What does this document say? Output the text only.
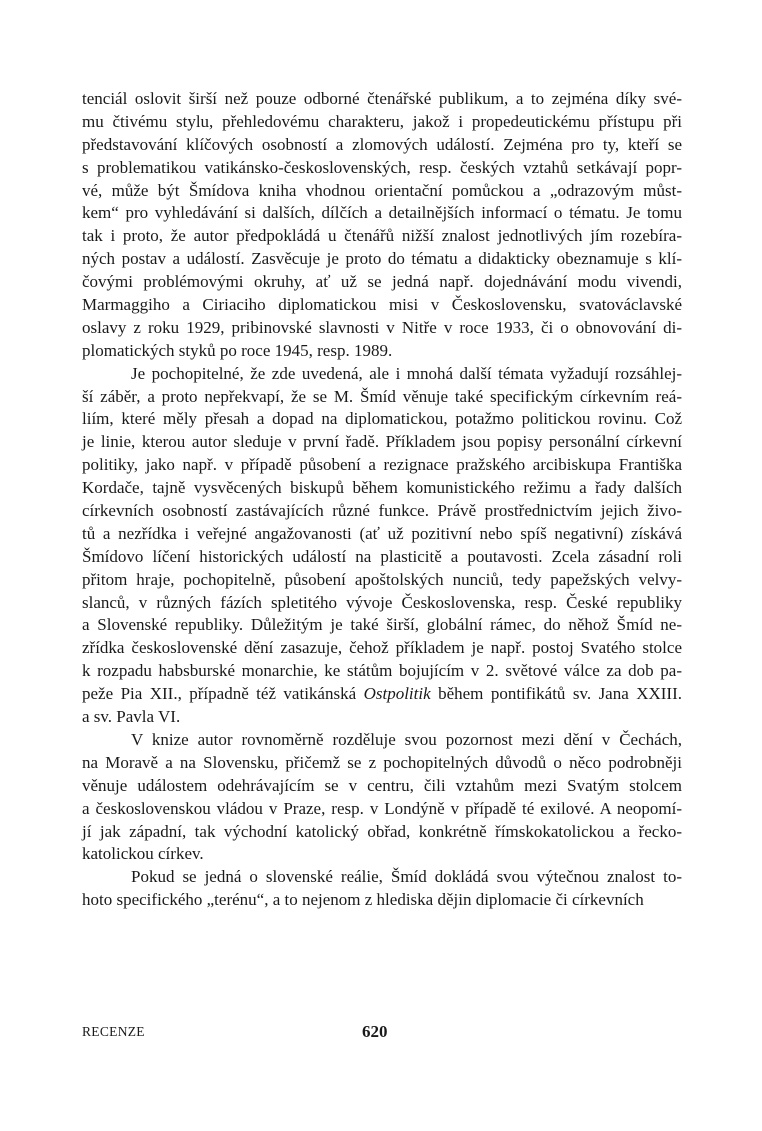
tenciál oslovit širší než pouze odborné čtenářské publikum, a to zejména díky své-
mu čtivému stylu, přehledovému charakteru, jakož i propedeutickému přístupu při
představování klíčových osobností a zlomových událostí. Zejména pro ty, kteří se
s problematikou vatikánsko-československých, resp. českých vztahů setkávají popr-
vé, může být Šmídova kniha vhodnou orientační pomůckou a „odrazovým můst-
kem“ pro vyhledávání si dalších, dílčích a detailnějších informací o tématu. Je tomu
tak i proto, že autor předpokládá u čtenářů nižší znalost jednotlivých jím rozebíra-
ných postav a událostí. Zasvěcuje je proto do tématu a didakticky obeznamuje s klí-
čovými problémovými okruhy, ať už se jedná např. dojednávání modu vivendi,
Marmaggiho a Ciriaciho diplomatickou misi v Československu, svatováclavské
oslavy z roku 1929, pribinovské slavnosti v Nitře v roce 1933, či o obnovování di-
plomatických styků po roce 1945, resp. 1989.
Je pochopitelné, že zde uvedená, ale i mnohá další témata vyžadují rozsáhlej-
ší záběr, a proto nepřekvapí, že se M. Šmíd věnuje také specifickým církevním reá-
liím, které měly přesah a dopad na diplomatickou, potažmo politickou rovinu. Což
je linie, kterou autor sleduje v první řadě. Příkladem jsou popisy personální církevní
politiky, jako např. v případě působení a rezignace pražského arcibiskupa Františka
Kordače, tajně vysvěcených biskupů během komunistického režimu a řady dalších
církevních osobností zastávajících různé funkce. Právě prostřednictvím jejich živo-
tů a nezřídka i veřejné angažovanosti (ať už pozitivní nebo spíš negativní) získává
Šmídovo líčení historických událostí na plasticitě a poutavosti. Zcela zásadní roli
přitom hraje, pochopitelně, působení apoštolských nunciů, tedy papežských velvy-
slanců, v různých fázích spletitého vývoje Československa, resp. České republiky
a Slovenské republiky. Důležitým je také širší, globální rámec, do něhož Šmíd ne-
zřídka československé dění zasazuje, čehož příkladem je např. postoj Svatého stolce
k rozpadu habsburské monarchie, ke státům bojujícím v 2. světové válce za dob pa-
peže Pia XII., případně též vatikánská Ostpolitik během pontifikátů sv. Jana XXIII.
a sv. Pavla VI.
V knize autor rovnoměrně rozděluje svou pozornost mezi dění v Čechách,
na Moravě a na Slovensku, přičemž se z pochopitelných důvodů o něco podrobněji
věnuje událostem odehrávajícím se v centru, čili vztahům mezi Svatým stolcem
a československou vládou v Praze, resp. v Londýně v případě té exilové. A neopomí-
jí jak západní, tak východní katolický obřad, konkrétně římskokatolickou a řecko-
katolickou církev.
Pokud se jedná o slovenské reálie, Šmíd dokládá svou výtečnou znalost to-
hoto specifického „terénu“, a to nejenom z hlediska dějin diplomacie či církevních
RECENZE	620
